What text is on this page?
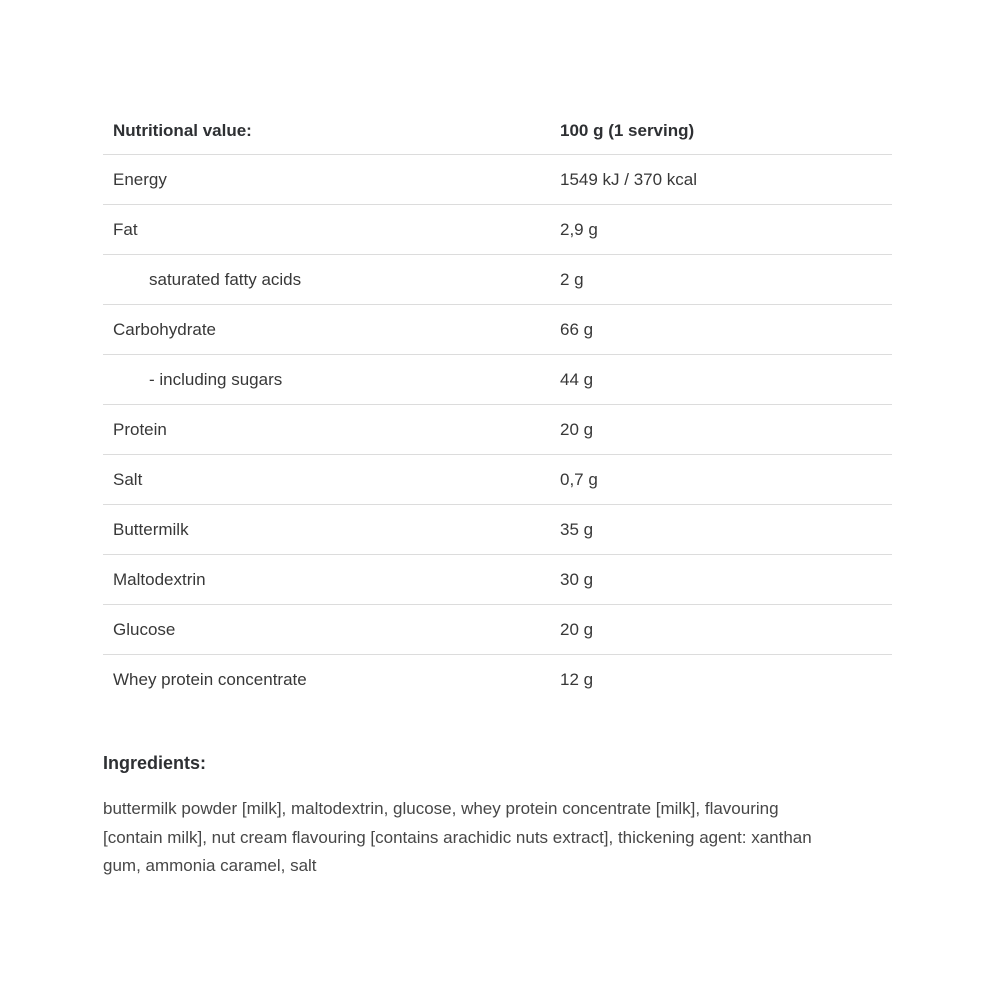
Nutritional value:	100 g (1 serving)
Energy	1549 kJ / 370 kcal
Fat	2,9 g
saturated fatty acids	2 g
Carbohydrate	66 g
- including sugars	44 g
Protein	20 g
Salt	0,7 g
Buttermilk	35 g
Maltodextrin	30 g
Glucose	20 g
Whey protein concentrate	12 g
Ingredients:
buttermilk powder [milk], maltodextrin, glucose, whey protein concentrate [milk], flavouring [contain milk], nut cream flavouring [contains arachidic nuts extract], thickening agent: xanthan gum, ammonia caramel, salt
